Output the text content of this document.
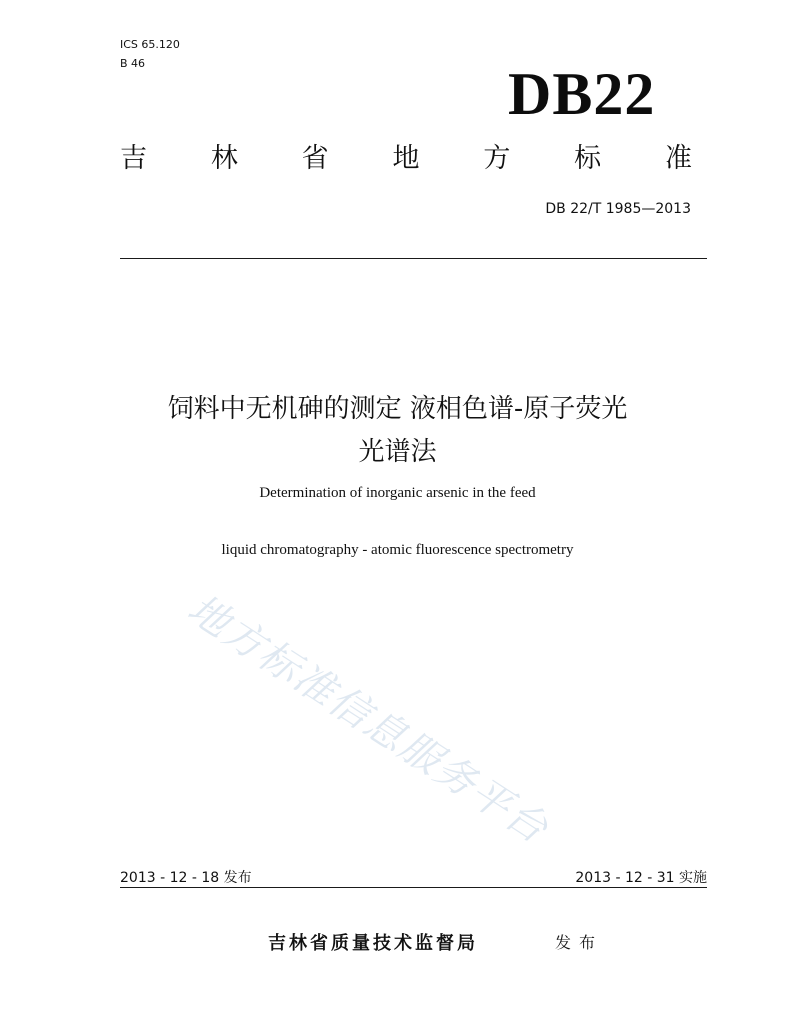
ICS 65.120
B 46	DB22
吉 林 省 地 方 标 准
DB 22/T 1985—2013
饲料中无机砷的测定 液相色谱-原子荧光
光谱法
Determination of inorganic arsenic in the feed
liquid chromatography - atomic fluorescence spectrometry
地方标准信息服务平台
2013 - 12 - 18 发布	2013 - 12 - 31 实施
吉林省质量技术监督局	发布
